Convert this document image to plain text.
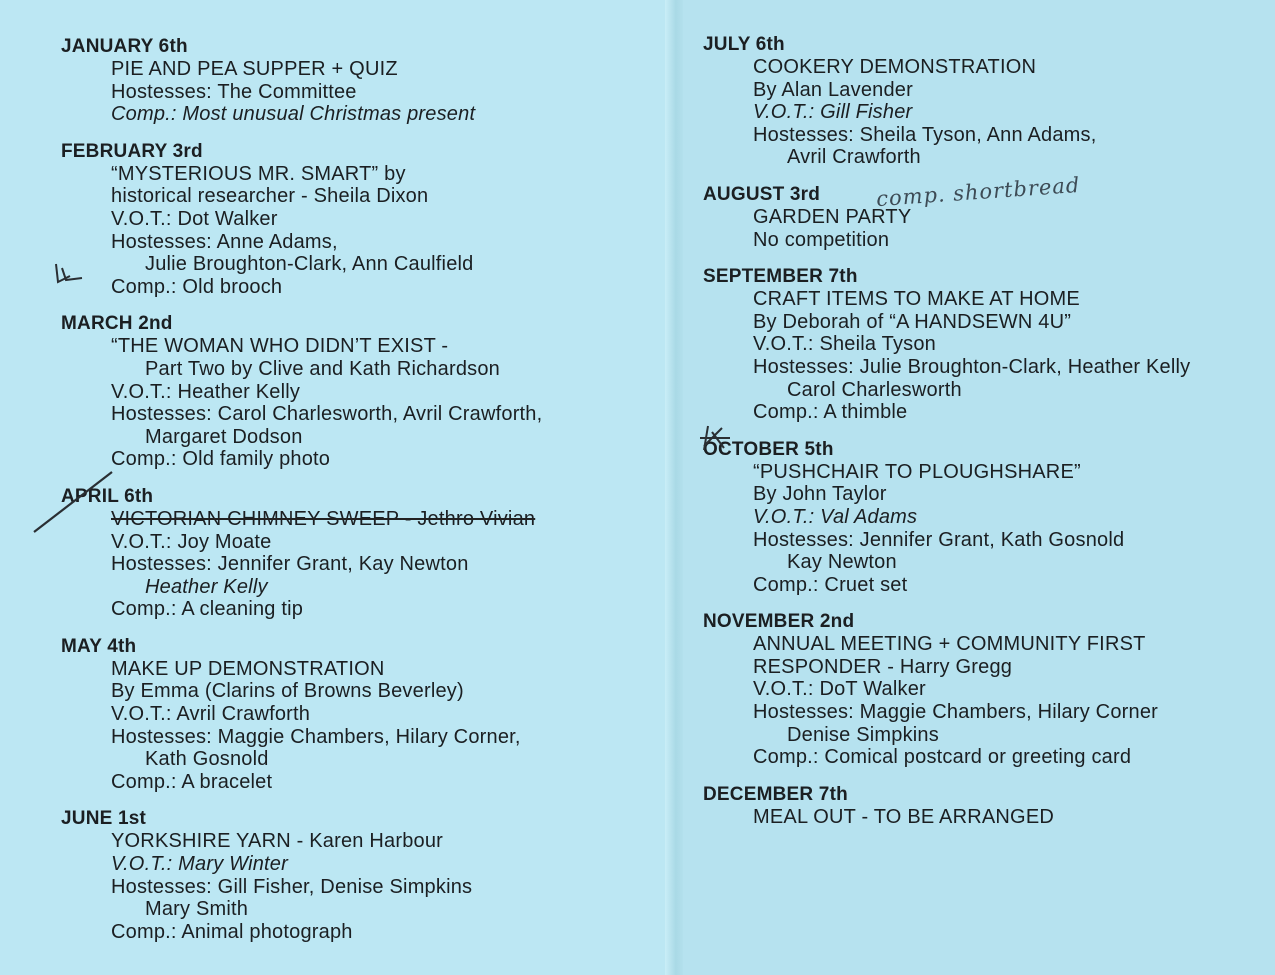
JANUARY 6th
PIE AND PEA SUPPER + QUIZ
Hostesses: The Committee
Comp.: Most unusual Christmas present
FEBRUARY 3rd
“MYSTERIOUS MR. SMART” by
historical researcher - Sheila Dixon
V.O.T.: Dot Walker
Hostesses: Anne Adams,
Julie Broughton-Clark, Ann Caulfield
Comp.: Old brooch
MARCH 2nd
“THE WOMAN WHO DIDN’T EXIST -
Part Two by Clive and Kath Richardson
V.O.T.: Heather Kelly
Hostesses: Carol Charlesworth, Avril Crawforth,
Margaret Dodson
Comp.: Old family photo
APRIL 6th
VICTORIAN CHIMNEY SWEEP - Jethro Vivian
V.O.T.: Joy Moate
Hostesses: Jennifer Grant, Kay Newton
Heather Kelly
Comp.: A cleaning tip
MAY 4th
MAKE UP DEMONSTRATION
By Emma (Clarins of Browns Beverley)
V.O.T.: Avril Crawforth
Hostesses: Maggie Chambers, Hilary Corner,
Kath Gosnold
Comp.: A bracelet
JUNE 1st
YORKSHIRE YARN - Karen Harbour
V.O.T.: Mary Winter
Hostesses: Gill Fisher, Denise Simpkins
Mary Smith
Comp.: Animal photograph
JULY 6th
COOKERY DEMONSTRATION
By Alan Lavender
V.O.T.: Gill Fisher
Hostesses: Sheila Tyson, Ann Adams,
Avril Crawforth
AUGUST 3rd
GARDEN PARTY
No competition
SEPTEMBER 7th
CRAFT ITEMS TO MAKE AT HOME
By Deborah of “A HANDSEWN 4U”
V.O.T.: Sheila Tyson
Hostesses: Julie Broughton-Clark, Heather Kelly
Carol Charlesworth
Comp.: A thimble
OCTOBER 5th
“PUSHCHAIR TO PLOUGHSHARE”
By John Taylor
V.O.T.: Val Adams
Hostesses: Jennifer Grant, Kath Gosnold
Kay Newton
Comp.: Cruet set
NOVEMBER 2nd
ANNUAL MEETING + COMMUNITY FIRST
RESPONDER - Harry Gregg
V.O.T.: DoT Walker
Hostesses: Maggie Chambers, Hilary Corner
Denise Simpkins
Comp.: Comical postcard or greeting card
DECEMBER 7th
MEAL OUT - TO BE ARRANGED
comp. shortbread
